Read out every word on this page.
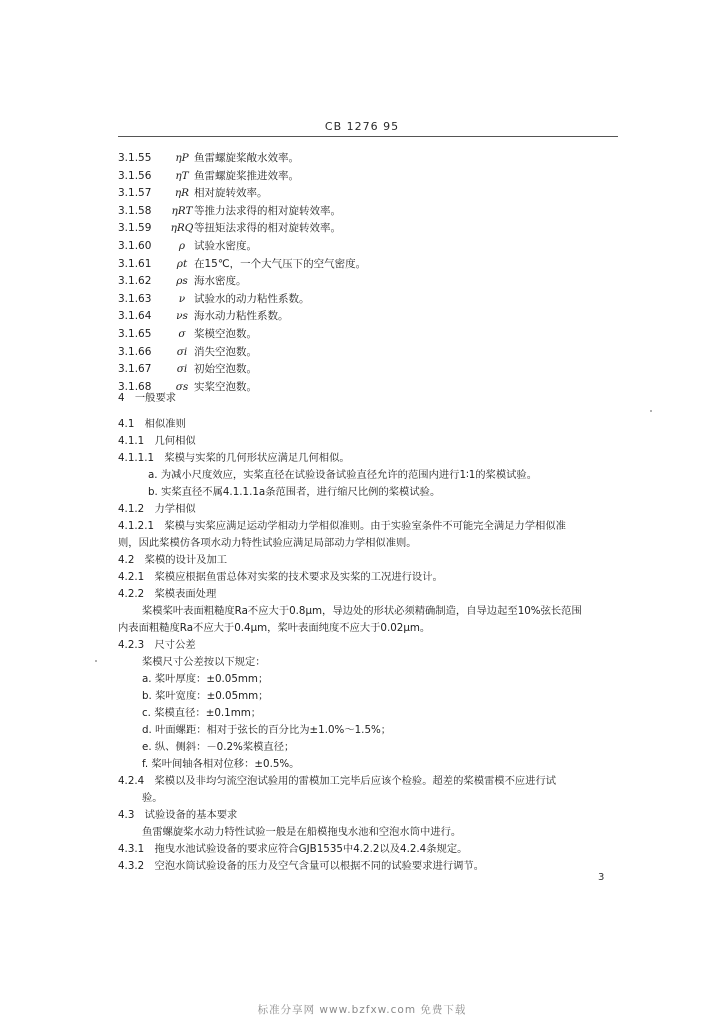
CB 1276 95
3.1.55 ηP 鱼雷螺旋桨敞水效率。
3.1.56 ηT 鱼雷螺旋桨推进效率。
3.1.57 ηR 相对旋转效率。
3.1.58 ηRT 等推力法求得的相对旋转效率。
3.1.59 ηRQ等扭矩法求得的相对旋转效率。
3.1.60	ρ 试验水密度。
3.1.61 ρt 在15℃，一个大气压下的空气密度。
3.1.62 ρs 海水密度。
3.1.63	ν 试验水的动力粘性系数。
3.1.64 νs 海水动力粘性系数。
3.1.65	σ 桨模空泡数。
3.1.66 σi 消失空泡数。
3.1.67 σi 初始空泡数。
3.1.68 σs 实桨空泡数。
4　一般要求
4.1　相似准则
4.1.1　几何相似
4.1.1.1　桨模与实桨的几何形状应满足几何相似。
a. 为减小尺度效应，实桨直径在试验设备试验直径允许的范围内进行1∶1的桨模试验。
b. 实桨直径不属4.1.1.1a条范围者，进行缩尺比例的桨模试验。
4.1.2　力学相似
4.1.2.1　桨模与实桨应满足运动学相动力学相似准则。由于实验室条件不可能完全满足力学相似准
则，因此桨模仿各项水动力特性试验应满足局部动力学相似准则。
4.2　桨模的设计及加工
4.2.1　桨模应根据鱼雷总体对实桨的技术要求及实桨的工况进行设计。
4.2.2　桨模表面处理
桨模桨叶表面粗糙度Ra不应大于0.8μm，导边处的形状必须精确制造，自导边起至10%弦长范围
内表面粗糙度Ra不应大于0.4μm，桨叶表面纯度不应大于0.02μm。
4.2.3　尺寸公差
桨模尺寸公差按以下规定：
a. 桨叶厚度：±0.05mm；
b. 桨叶宽度：±0.05mm；
c. 桨模直径：±0.1mm；
d. 叶面螺距：相对于弦长的百分比为±1.0%～1.5%；
e. 纵、侧斜：－0.2%桨模直径；
f. 桨叶间轴各相对位移：±0.5%。
4.2.4　桨模以及非均匀流空泡试验用的雷模加工完毕后应该个检验。超差的桨模雷模不应进行试
验。
4.3　试验设备的基本要求
鱼雷螺旋桨水动力特性试验一般是在船模拖曳水池和空泡水筒中进行。
4.3.1　拖曳水池试验设备的要求应符合GJB1535中4.2.2以及4.2.4条规定。
4.3.2　空泡水筒试验设备的压力及空气含量可以根据不同的试验要求进行调节。
3
标准分享网 www.bzfxw.com 免费下载
